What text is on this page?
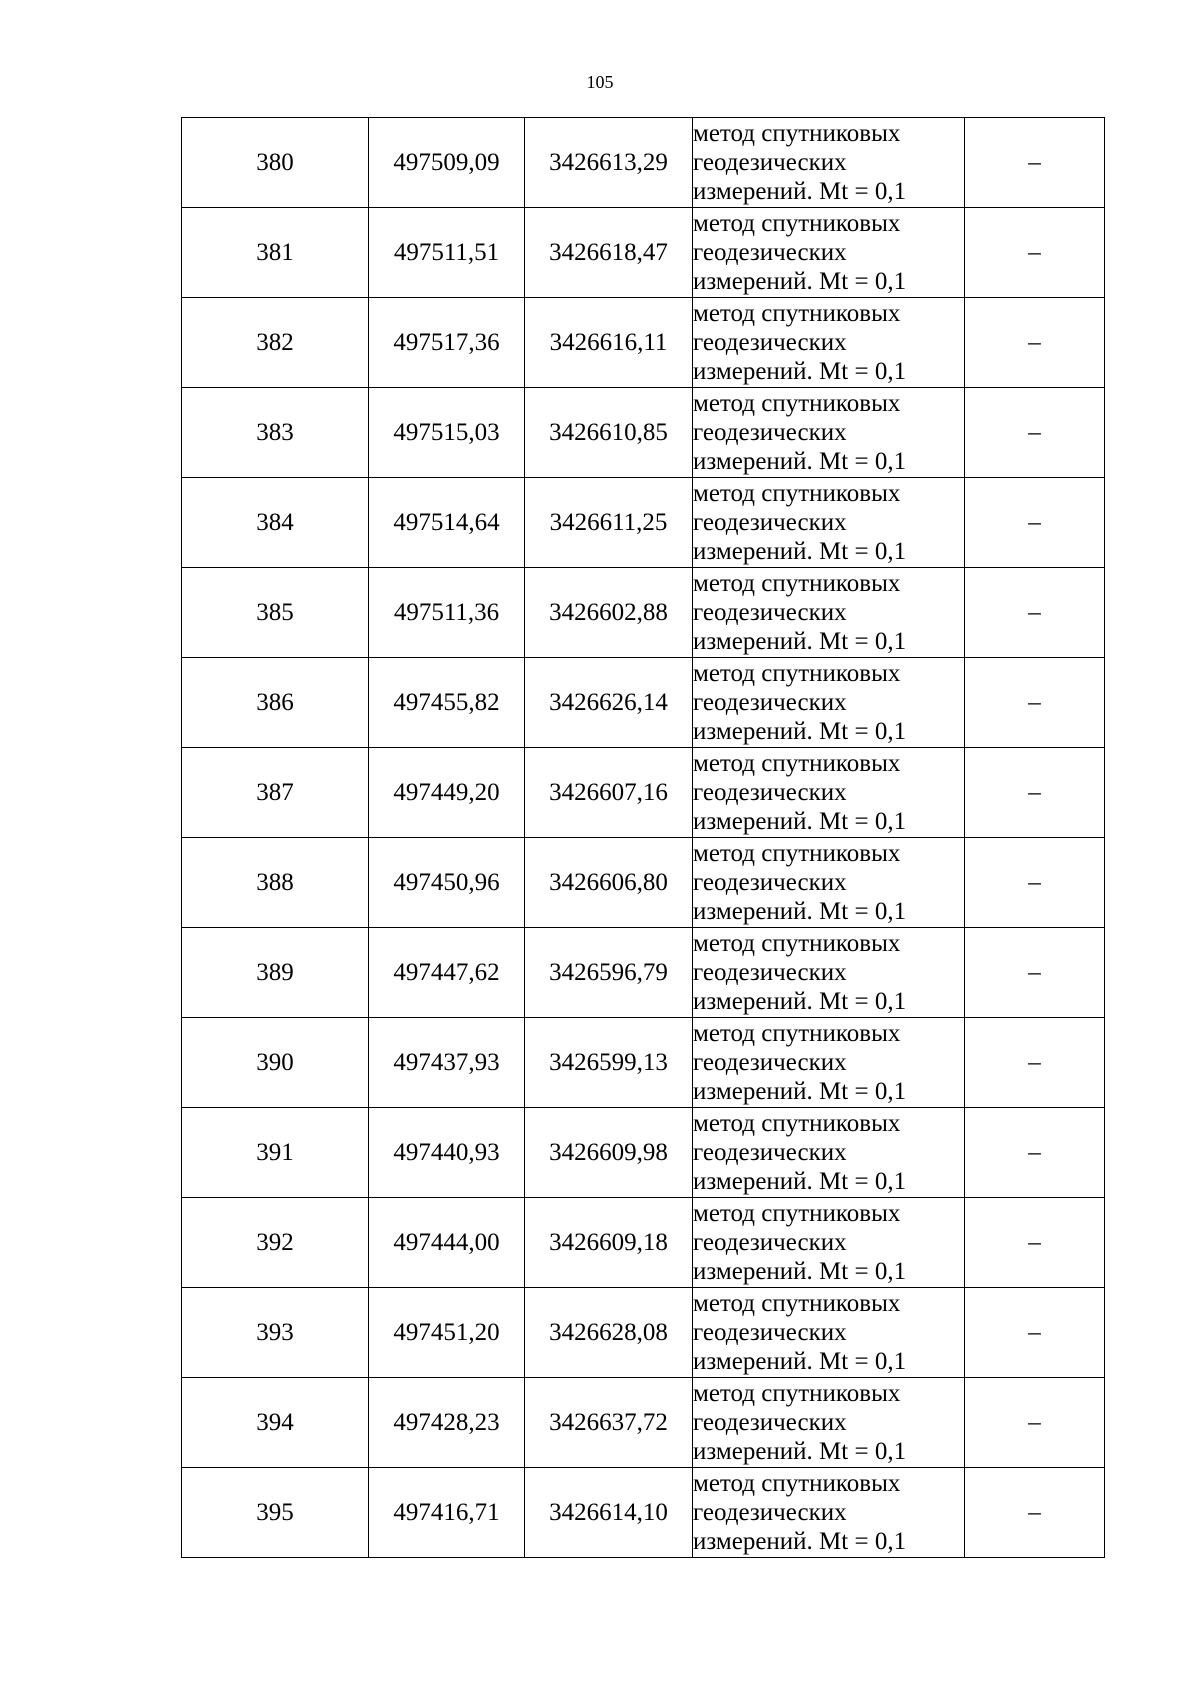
105
380	497509,09	3426613,29	метод спутниковых
геодезических
измерений. Mt = 0,1	–
381	497511,51	3426618,47	метод спутниковых
геодезических
измерений. Mt = 0,1	–
382	497517,36	3426616,11	метод спутниковых
геодезических
измерений. Mt = 0,1	–
383	497515,03	3426610,85	метод спутниковых
геодезических
измерений. Mt = 0,1	–
384	497514,64	3426611,25	метод спутниковых
геодезических
измерений. Mt = 0,1	–
385	497511,36	3426602,88	метод спутниковых
геодезических
измерений. Mt = 0,1	–
386	497455,82	3426626,14	метод спутниковых
геодезических
измерений. Mt = 0,1	–
387	497449,20	3426607,16	метод спутниковых
геодезических
измерений. Mt = 0,1	–
388	497450,96	3426606,80	метод спутниковых
геодезических
измерений. Mt = 0,1	–
389	497447,62	3426596,79	метод спутниковых
геодезических
измерений. Mt = 0,1	–
390	497437,93	3426599,13	метод спутниковых
геодезических
измерений. Mt = 0,1	–
391	497440,93	3426609,98	метод спутниковых
геодезических
измерений. Mt = 0,1	–
392	497444,00	3426609,18	метод спутниковых
геодезических
измерений. Mt = 0,1	–
393	497451,20	3426628,08	метод спутниковых
геодезических
измерений. Mt = 0,1	–
394	497428,23	3426637,72	метод спутниковых
геодезических
измерений. Mt = 0,1	–
395	497416,71	3426614,10	метод спутниковых
геодезических
измерений. Mt = 0,1	–
